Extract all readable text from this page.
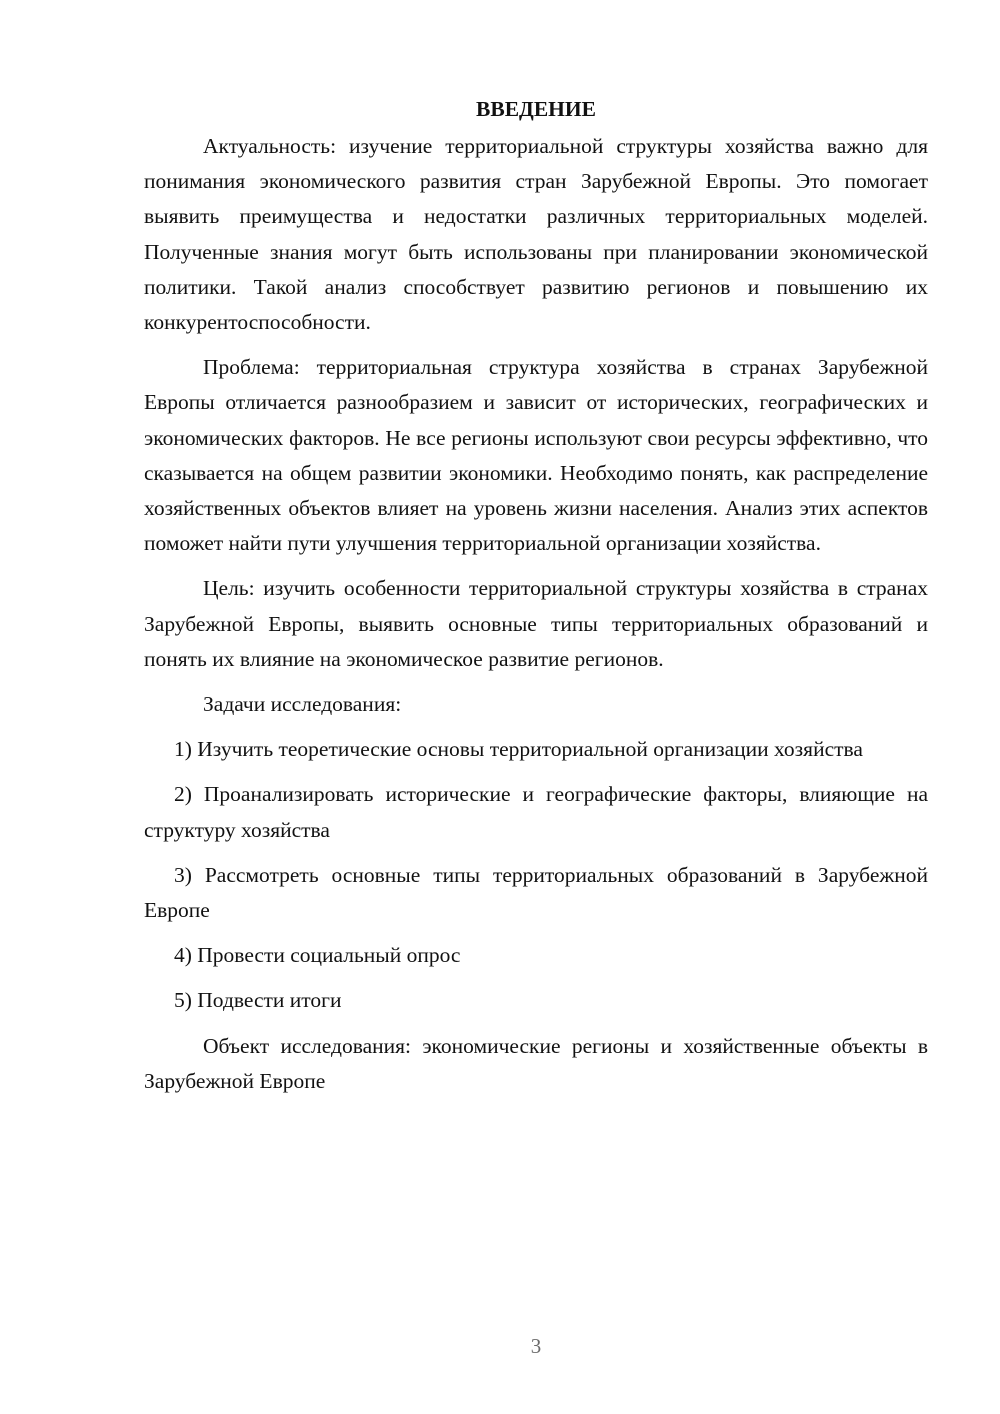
ВВЕДЕНИЕ

Актуальность: изучение территориальной структуры хозяйства важно для понимания экономического развития стран Зарубежной Европы. Это помогает выявить преимущества и недостатки различных территориальных моделей. Полученные знания могут быть использованы при планировании экономической политики. Такой анализ способствует развитию регионов и повышению их конкурентоспособности.

Проблема: территориальная структура хозяйства в странах Зарубежной Европы отличается разнообразием и зависит от исторических, географических и экономических факторов. Не все регионы используют свои ресурсы эффективно, что сказывается на общем развитии экономики. Необходимо понять, как распределение хозяйственных объектов влияет на уровень жизни населения. Анализ этих аспектов поможет найти пути улучшения территориальной организации хозяйства.

Цель: изучить особенности территориальной структуры хозяйства в странах Зарубежной Европы, выявить основные типы территориальных образований и понять их влияние на экономическое развитие регионов.

Задачи исследования:

1) Изучить теоретические основы территориальной организации хозяйства

2) Проанализировать исторические и географические факторы, влияющие на структуру хозяйства

3) Рассмотреть основные типы территориальных образований в Зарубежной Европе

4) Провести социальный опрос

5) Подвести итоги

Объект исследования: экономические регионы и хозяйственные объекты в Зарубежной Европе

3
